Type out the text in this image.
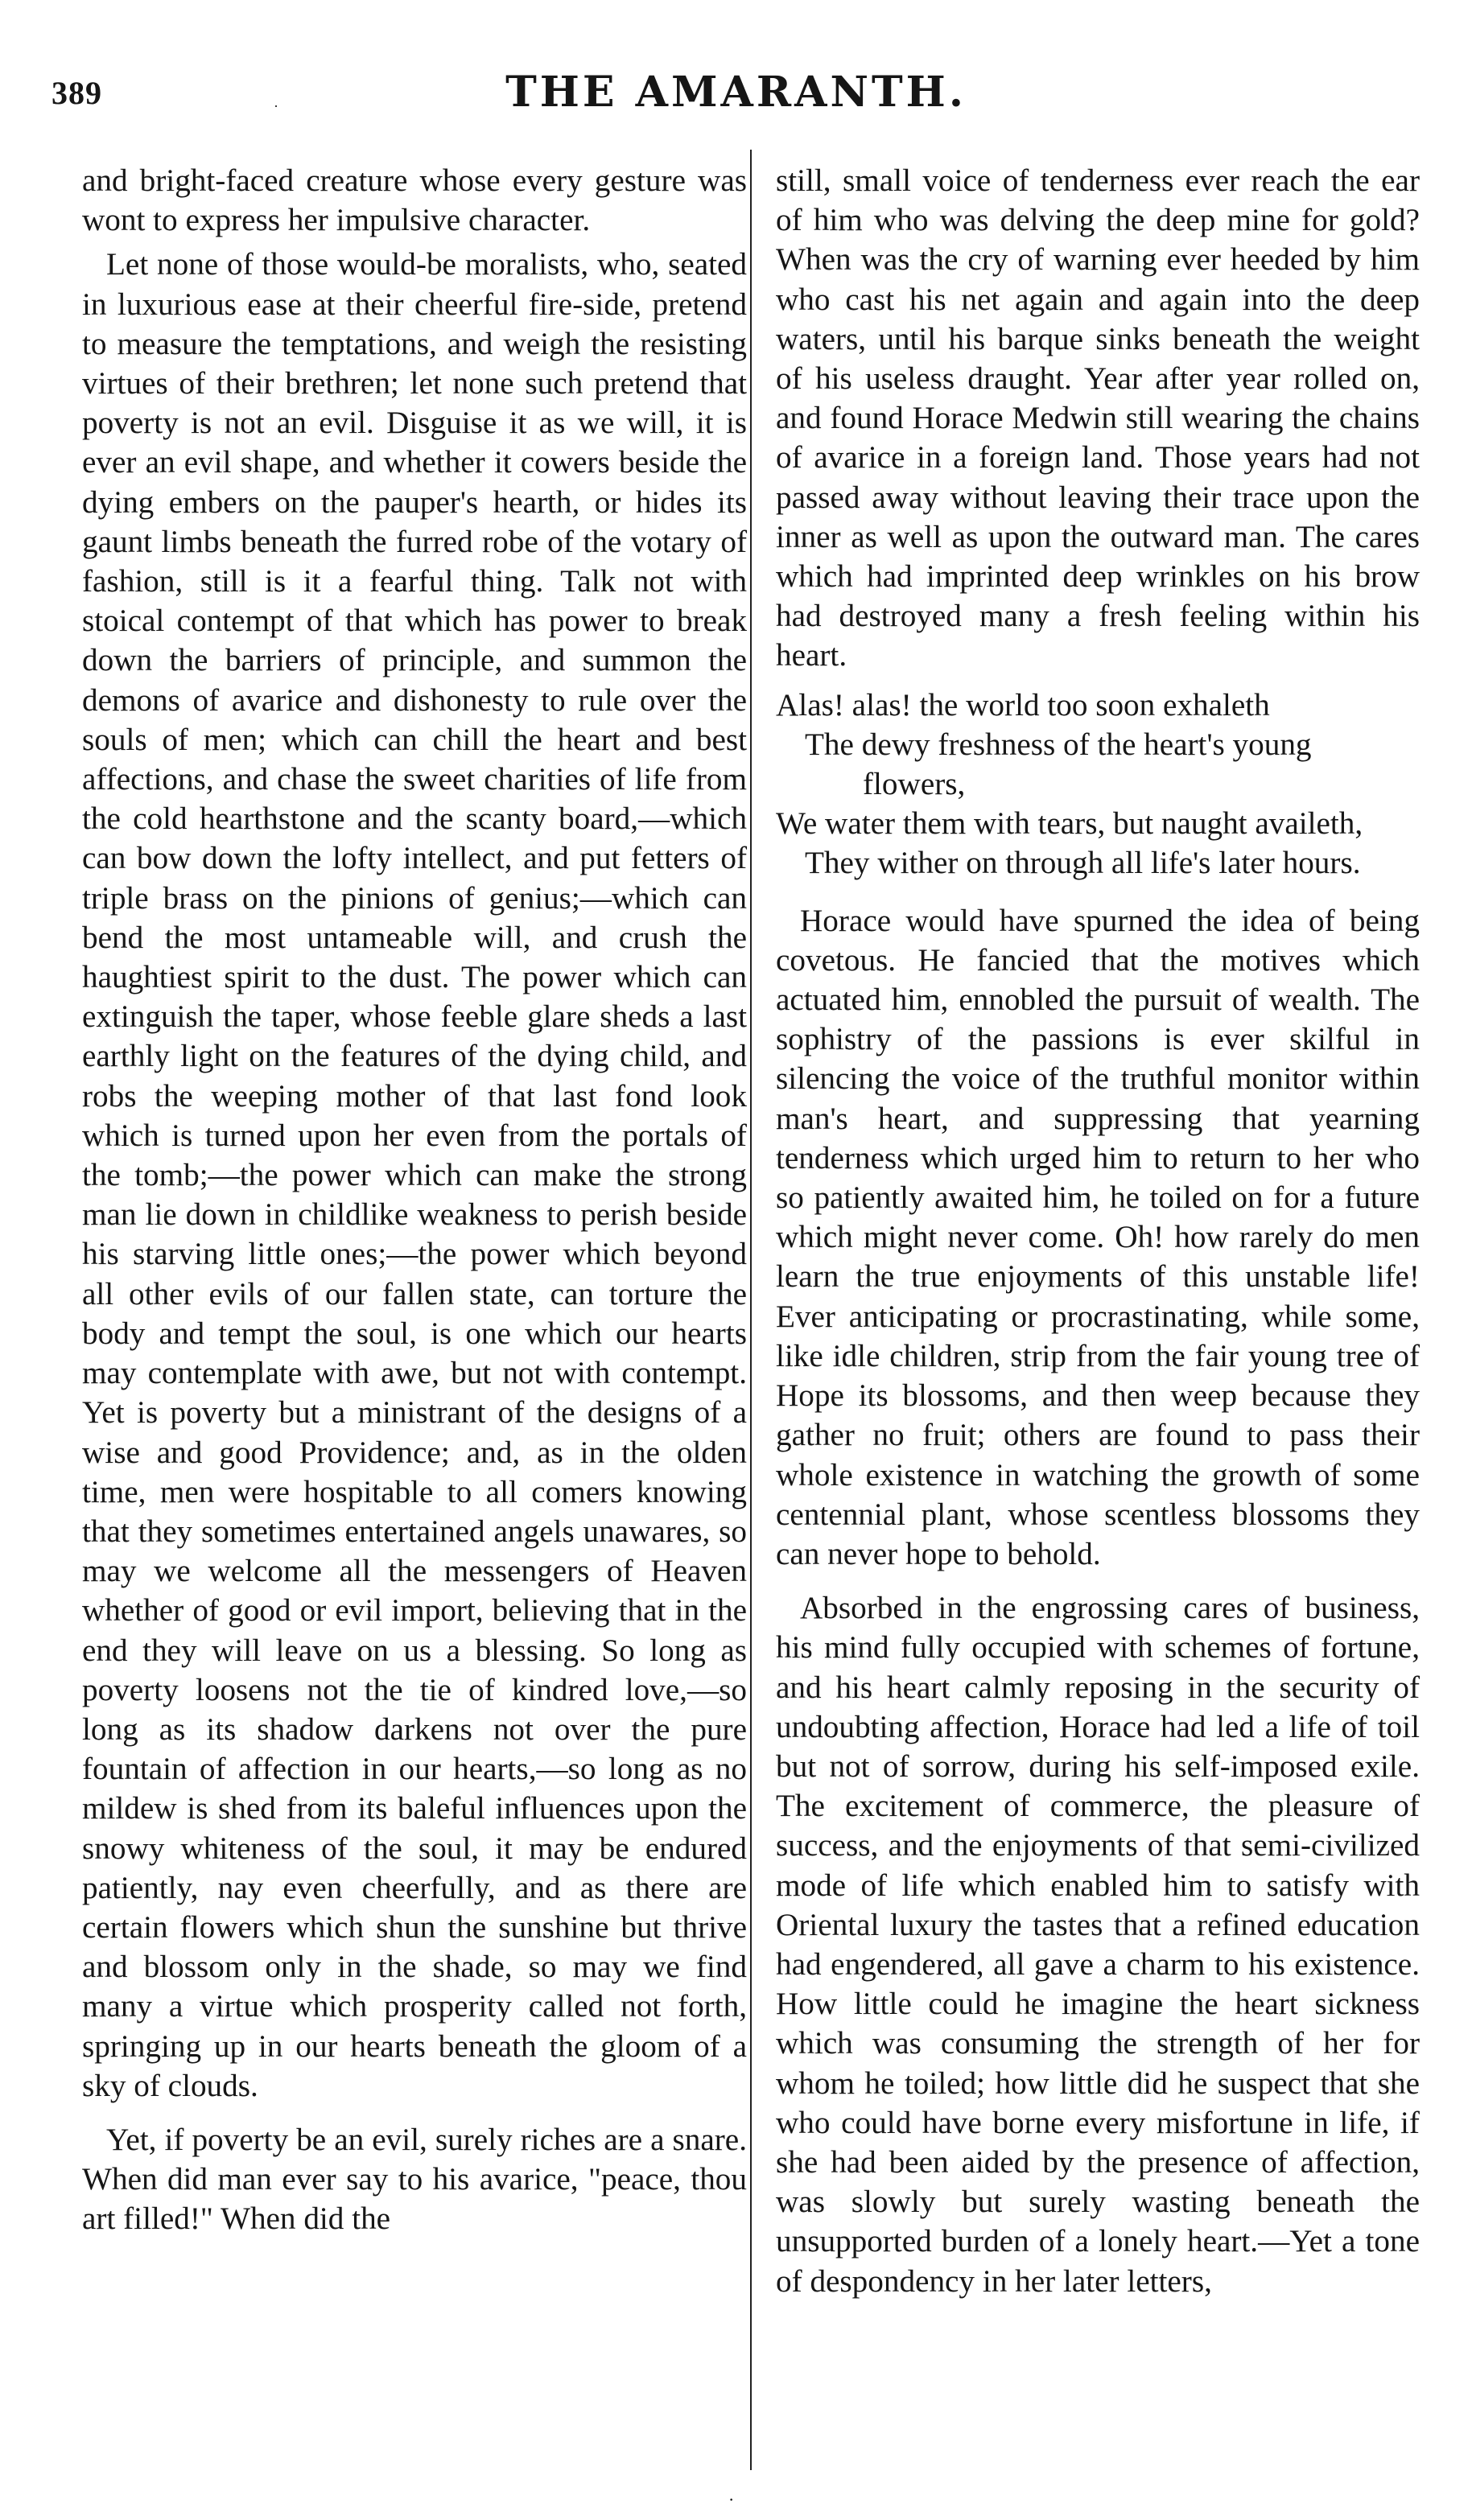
389	THE AMARANTH.
·

and bright-faced creature whose every gesture was wont to express her impulsive character.

Let none of those would-be moralists, who, seated in luxurious ease at their cheerful fire-side, pretend to measure the temptations, and weigh the resisting virtues of their brethren; let none such pretend that poverty is not an evil. Disguise it as we will, it is ever an evil shape, and whether it cowers beside the dying embers on the pauper's hearth, or hides its gaunt limbs beneath the furred robe of the votary of fashion, still is it a fearful thing. Talk not with stoical contempt of that which has power to break down the barriers of principle, and summon the demons of avarice and dishonesty to rule over the souls of men; which can chill the heart and best affections, and chase the sweet charities of life from the cold hearthstone and the scanty board,—which can bow down the lofty intellect, and put fetters of triple brass on the pinions of genius;—which can bend the most untameable will, and crush the haughtiest spirit to the dust. The power which can extinguish the taper, whose feeble glare sheds a last earthly light on the features of the dying child, and robs the weeping mother of that last fond look which is turned upon her even from the portals of the tomb;—the power which can make the strong man lie down in childlike weakness to perish beside his starving little ones;—the power which beyond all other evils of our fallen state, can torture the body and tempt the soul, is one which our hearts may contemplate with awe, but not with contempt. Yet is poverty but a ministrant of the designs of a wise and good Providence; and, as in the olden time, men were hospitable to all comers knowing that they sometimes entertained angels unawares, so may we welcome all the messengers of Heaven whether of good or evil import, believing that in the end they will leave on us a blessing. So long as poverty loosens not the tie of kindred love,—so long as its shadow darkens not over the pure fountain of affection in our hearts,—so long as no mildew is shed from its baleful influences upon the snowy whiteness of the soul, it may be endured patiently, nay even cheerfully, and as there are certain flowers which shun the sunshine but thrive and blossom only in the shade, so may we find many a virtue which prosperity called not forth, springing up in our hearts beneath the gloom of a sky of clouds.

Yet, if poverty be an evil, surely riches are a snare. When did man ever say to his avarice, "peace, thou art filled!" When did the

still, small voice of tenderness ever reach the ear of him who was delving the deep mine for gold? When was the cry of warning ever heeded by him who cast his net again and again into the deep waters, until his barque sinks beneath the weight of his useless draught. Year after year rolled on, and found Horace Medwin still wearing the chains of avarice in a foreign land. Those years had not passed away without leaving their trace upon the inner as well as upon the outward man. The cares which had imprinted deep wrinkles on his brow had destroyed many a fresh feeling within his heart.

Alas! alas! the world too soon exhaleth
The dewy freshness of the heart's young
flowers,
We water them with tears, but naught availeth,
They wither on through all life's later hours.

Horace would have spurned the idea of being covetous. He fancied that the motives which actuated him, ennobled the pursuit of wealth. The sophistry of the passions is ever skilful in silencing the voice of the truthful monitor within man's heart, and suppressing that yearning tenderness which urged him to return to her who so patiently awaited him, he toiled on for a future which might never come. Oh! how rarely do men learn the true enjoyments of this unstable life! Ever anticipating or procrastinating, while some, like idle children, strip from the fair young tree of Hope its blossoms, and then weep because they gather no fruit; others are found to pass their whole existence in watching the growth of some centennial plant, whose scentless blossoms they can never hope to behold.

Absorbed in the engrossing cares of business, his mind fully occupied with schemes of fortune, and his heart calmly reposing in the security of undoubting affection, Horace had led a life of toil but not of sorrow, during his self-imposed exile. The excitement of commerce, the pleasure of success, and the enjoyments of that semi-civilized mode of life which enabled him to satisfy with Oriental luxury the tastes that a refined education had engendered, all gave a charm to his existence. How little could he imagine the heart sickness which was consuming the strength of her for whom he toiled; how little did he suspect that she who could have borne every misfortune in life, if she had been aided by the presence of affection, was slowly but surely wasting beneath the unsupported burden of a lonely heart.—Yet a tone of despondency in her later letters,

·
